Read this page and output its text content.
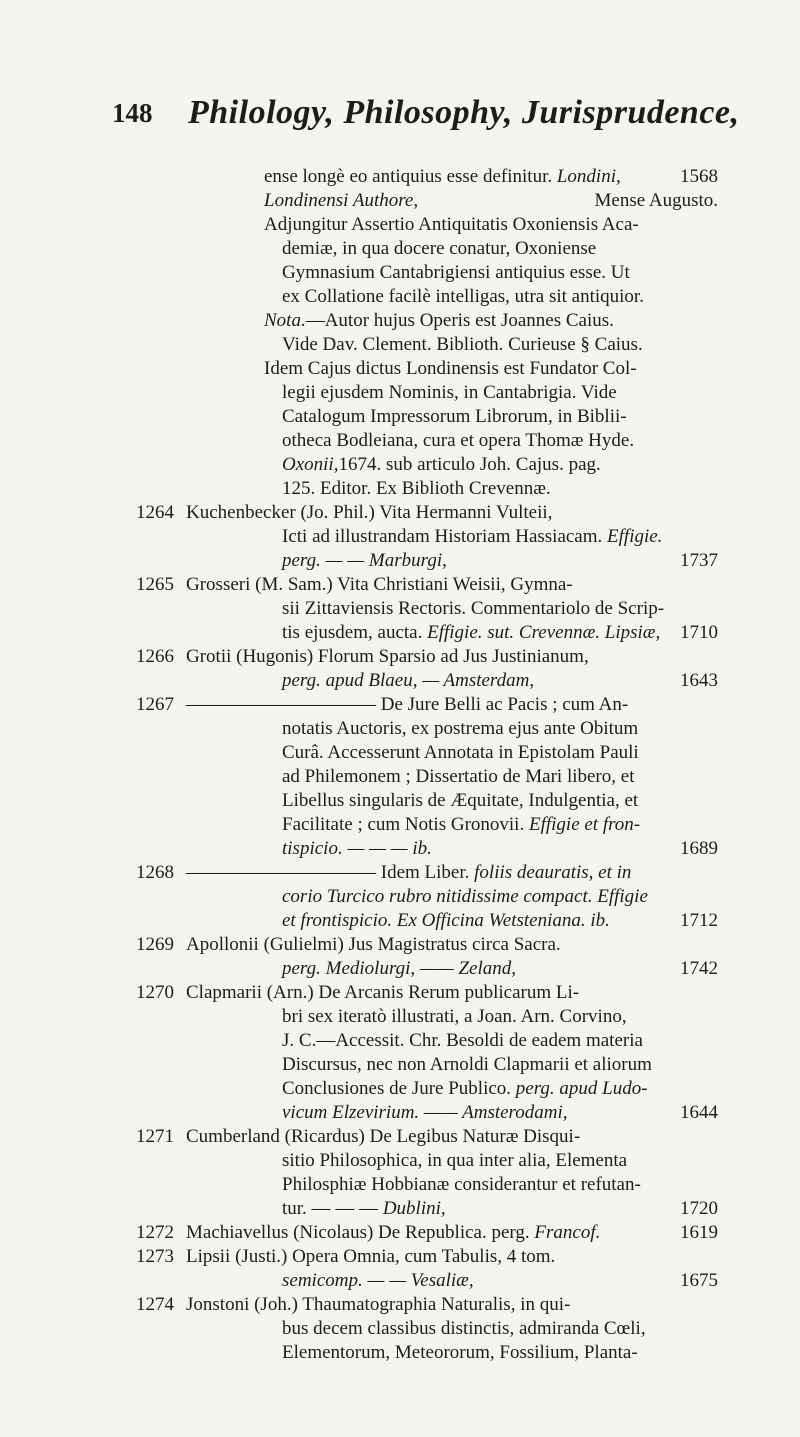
148 Philology, Philosophy, Jurisprudence,
ense longè eo antiquius esse definitur. Londini,	1568
Londinensi Authore,	Mense Augusto.
Adjungitur Assertio Antiquitatis Oxoniensis Aca-
demiæ, in qua docere conatur, Oxoniense
Gymnasium Cantabrigiensi antiquius esse. Ut
ex Collatione facilè intelligas, utra sit antiquior.
Nota.—Autor hujus Operis est Joannes Caius.
Vide Dav. Clement. Biblioth. Curieuse § Caius.
Idem Cajus dictus Londinensis est Fundator Col-
legii ejusdem Nominis, in Cantabrigia. Vide
Catalogum Impressorum Librorum, in Biblii-
otheca Bodleiana, cura et opera Thomæ Hyde.
Oxonii,1674. sub articulo Joh. Cajus. pag.
125. Editor. Ex Biblioth Crevennæ.
1264 Kuchenbecker (Jo. Phil.) Vita Hermanni Vulteii,
Icti ad illustrandam Historiam Hassiacam. Effigie.
perg. — — Marburgi,	1737
1265 Grosseri (M. Sam.) Vita Christiani Weisii, Gymna-
sii Zittaviensis Rectoris. Commentariolo de Scrip-
tis ejusdem, aucta. Effigie. sut. Crevennæ. Lipsiæ,	1710
1266 Grotii (Hugonis) Florum Sparsio ad Jus Justinianum,
perg. apud Blaeu, — Amsterdam,	1643
1267 —————————— De Jure Belli ac Pacis ; cum An-
notatis Auctoris, ex postrema ejus ante Obitum
Curâ. Accesserunt Annotata in Epistolam Pauli
ad Philemonem ; Dissertatio de Mari libero, et
Libellus singularis de Æquitate, Indulgentia, et
Facilitate ; cum Notis Gronovii. Effigie et fron-
tispicio. — — — ib.	1689
1268 —————————— Idem Liber. foliis deauratis, et in
corio Turcico rubro nitidissime compact. Effigie
et frontispicio. Ex Officina Wetsteniana. ib.	1712
1269 Apollonii (Gulielmi) Jus Magistratus circa Sacra.
perg. Mediolurgi, —— Zeland,	1742
1270 Clapmarii (Arn.) De Arcanis Rerum publicarum Li-
bri sex iteratò illustrati, a Joan. Arn. Corvino,
J. C.—Accessit. Chr. Besoldi de eadem materia
Discursus, nec non Arnoldi Clapmarii et aliorum
Conclusiones de Jure Publico. perg. apud Ludo-
vicum Elzevirium. —— Amsterodami,	1644
1271 Cumberland (Ricardus) De Legibus Naturæ Disqui-
sitio Philosophica, in qua inter alia, Elementa
Philosphiæ Hobbianæ considerantur et refutan-
tur. — — — Dublini,	1720
1272 Machiavellus (Nicolaus) De Republica. perg. Francof.	1619
1273 Lipsii (Justi.) Opera Omnia, cum Tabulis, 4 tom.
semicomp. — — Vesaliæ,	1675
1274 Jonstoni (Joh.) Thaumatographia Naturalis, in qui-
bus decem classibus distinctis, admiranda Cœli,
Elementorum, Meteororum, Fossilium, Planta-
